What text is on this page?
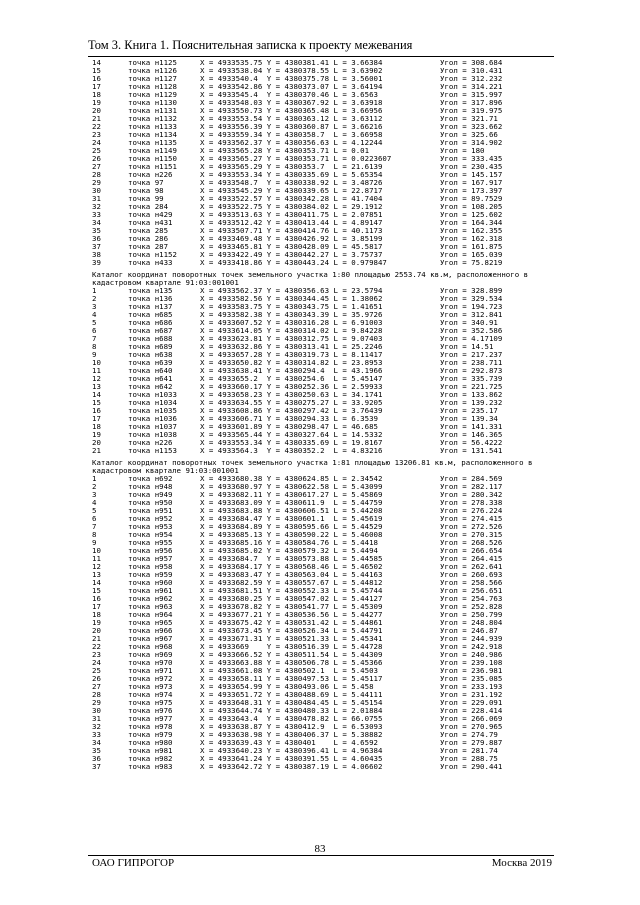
Том 3. Книга 1. Пояснительная записка к проекту межевания
14	точка н1125	X = 4933535.75 Y = 4380381.41 L = 3.66384	Угол = 308.684
15	точка н1126	X = 4933538.04 Y = 4380378.55 L = 3.63902	Угол = 310.431
16	точка н1127	X = 4933540.4  Y = 4380375.78 L = 3.56001	Угол = 312.232
17	точка н1128	X = 4933542.86 Y = 4380373.07 L = 3.64194	Угол = 314.221
18	точка н1129	X = 4933545.4  Y = 4380370.46 L = 3.6563	Угол = 315.997
19	точка н1130	X = 4933548.03 Y = 4380367.92 L = 3.63918	Угол = 317.896
20	точка н1131	X = 4933550.73 Y = 4380365.48 L = 3.66956	Угол = 319.975
21	точка н1132	X = 4933553.54 Y = 4380363.12 L = 3.63112	Угол = 321.71
22	точка н1133	X = 4933556.39 Y = 4380360.87 L = 3.66216	Угол = 323.662
23	точка н1134	X = 4933559.34 Y = 4380358.7  L = 3.66958	Угол = 325.66
24	точка н1135	X = 4933562.37 Y = 4380356.63 L = 4.12244	Угол = 314.902
25	точка н1149	X = 4933565.28 Y = 4380353.71 L = 0.01	Угол = 180
26	точка н1150	X = 4933565.27 Y = 4380353.71 L = 0.0223607	Угол = 333.435
27	точка н1151	X = 4933565.29 Y = 4380353.7  L = 21.6139	Угол = 230.435
28	точка н226	X = 4933553.34 Y = 4380335.69 L = 5.65354	Угол = 145.157
29	точка 97	X = 4933548.7  Y = 4380338.92 L = 3.48726	Угол = 167.917
30	точка 98	X = 4933545.29 Y = 4380339.65 L = 22.8717	Угол = 173.397
31	точка 99	X = 4933522.57 Y = 4380342.28 L = 41.7404	Угол = 89.7529
32	точка 284	X = 4933522.75 Y = 4380384.02 L = 29.1912	Угол = 108.205
33	точка н429	X = 4933513.63 Y = 4380411.75 L = 2.07851	Угол = 125.602
34	точка н431	X = 4933512.42 Y = 4380413.44 L = 4.89147	Угол = 164.344
35	точка 285	X = 4933507.71 Y = 4380414.76 L = 40.1173	Угол = 162.355
36	точка 286	X = 4933469.48 Y = 4380426.92 L = 3.85199	Угол = 162.318
37	точка 287	X = 4933465.81 Y = 4380428.09 L = 45.5817	Угол = 161.875
38	точка н1152	X = 4933422.49 Y = 4380442.27 L = 3.75737	Угол = 165.039
39	точка н433	X = 4933418.86 Y = 4380443.24 L = 0.979847	Угол = 75.8219
Каталог координат поворотных точек земельного участка 1:80 площадью 2553.74 кв.м, расположенного в кадастровом квартале 91:03:001001
1	точка н135	X = 4933562.37 Y = 4380356.63 L = 23.5794	Угол = 328.899
2	точка н136	X = 4933582.56 Y = 4380344.45 L = 1.38062	Угол = 329.534
3	точка н137	X = 4933583.75 Y = 4380343.75 L = 1.41651	Угол = 194.723
4	точка н685	X = 4933582.38 Y = 4380343.39 L = 35.9726	Угол = 312.841
5	точка н686	X = 4933607.52 Y = 4380316.28 L = 6.91003	Угол = 340.91
6	точка н687	X = 4933614.05 Y = 4380314.02 L = 9.84228	Угол = 352.586
7	точка н688	X = 4933623.81 Y = 4380312.75 L = 9.07403	Угол = 4.17109
8	точка н689	X = 4933632.86 Y = 4380313.41 L = 25.2246	Угол = 14.51
9	точка н638	X = 4933657.28 Y = 4380319.73 L = 8.11417	Угол = 217.237
10	точка н639	X = 4933650.82 Y = 4380314.82 L = 23.8953	Угол = 238.711
11	точка н640	X = 4933638.41 Y = 4380294.4  L = 43.1966	Угол = 292.873
12	точка н641	X = 4933655.2  Y = 4380254.6  L = 5.45147	Угол = 335.739
13	точка н642	X = 4933660.17 Y = 4380252.36 L = 2.59933	Угол = 221.725
14	точка н1033	X = 4933658.23 Y = 4380250.63 L = 34.1741	Угол = 133.862
15	точка н1034	X = 4933634.55 Y = 4380275.27 L = 33.9205	Угол = 139.232
16	точка н1035	X = 4933608.86 Y = 4380297.42 L = 3.76439	Угол = 235.17
17	точка н1036	X = 4933606.71 Y = 4380294.33 L = 6.3539	Угол = 139.34
18	точка н1037	X = 4933601.89 Y = 4380298.47 L = 46.685	Угол = 141.331
19	точка н1038	X = 4933565.44 Y = 4380327.64 L = 14.5332	Угол = 146.365
20	точка н226	X = 4933553.34 Y = 4380335.69 L = 19.8167	Угол = 56.4222
21	точка н1153	X = 4933564.3  Y = 4380352.2  L = 4.83216	Угол = 131.541
Каталог координат поворотных точек земельного участка 1:81 площадью 13206.81 кв.м, расположенного в кадастровом квартале 91:03:001001
1	точка н692	X = 4933680.38 Y = 4380624.85 L = 2.34542	Угол = 284.569
2	точка н948	X = 4933680.97 Y = 4380622.58 L = 5.43099	Угол = 282.117
3	точка н949	X = 4933682.11 Y = 4380617.27 L = 5.45869	Угол = 280.342
4	точка н950	X = 4933683.09 Y = 4380611.9  L = 5.44759	Угол = 278.338
5	точка н951	X = 4933683.88 Y = 4380606.51 L = 5.44208	Угол = 276.224
6	точка н952	X = 4933684.47 Y = 4380601.1  L = 5.45619	Угол = 274.415
7	точка н953	X = 4933684.89 Y = 4380595.66 L = 5.44529	Угол = 272.526
8	точка н954	X = 4933685.13 Y = 4380590.22 L = 5.46008	Угол = 270.315
9	точка н955	X = 4933685.16 Y = 4380584.76 L = 5.4418	Угол = 268.526
10	точка н956	X = 4933685.02 Y = 4380579.32 L = 5.4494	Угол = 266.654
11	точка н957	X = 4933684.7  Y = 4380573.88 L = 5.44585	Угол = 264.415
12	точка н958	X = 4933684.17 Y = 4380568.46 L = 5.46502	Угол = 262.641
13	точка н959	X = 4933683.47 Y = 4380563.04 L = 5.44163	Угол = 260.693
14	точка н960	X = 4933682.59 Y = 4380557.67 L = 5.44812	Угол = 258.566
15	точка н961	X = 4933681.51 Y = 4380552.33 L = 5.45744	Угол = 256.651
16	точка н962	X = 4933680.25 Y = 4380547.02 L = 5.44127	Угол = 254.763
17	точка н963	X = 4933678.82 Y = 4380541.77 L = 5.45309	Угол = 252.828
18	точка н964	X = 4933677.21 Y = 4380536.56 L = 5.44277	Угол = 250.799
19	точка н965	X = 4933675.42 Y = 4380531.42 L = 5.44861	Угол = 248.804
20	точка н966	X = 4933673.45 Y = 4380526.34 L = 5.44791	Угол = 246.87
21	точка н967	X = 4933671.31 Y = 4380521.33 L = 5.45341	Угол = 244.939
22	точка н968	X = 4933669    Y = 4380516.39 L = 5.44728	Угол = 242.918
23	точка н969	X = 4933666.52 Y = 4380511.54 L = 5.44309	Угол = 240.986
24	точка н970	X = 4933663.88 Y = 4380506.78 L = 5.45366	Угол = 239.108
25	точка н971	X = 4933661.08 Y = 4380502.1  L = 5.4503	Угол = 236.981
26	точка н972	X = 4933658.11 Y = 4380497.53 L = 5.45117	Угол = 235.085
27	точка н973	X = 4933654.99 Y = 4380493.06 L = 5.458	Угол = 233.193
28	точка н974	X = 4933651.72 Y = 4380488.69 L = 5.44111	Угол = 231.192
29	точка н975	X = 4933648.31 Y = 4380484.45 L = 5.45154	Угол = 229.091
30	точка н976	X = 4933644.74 Y = 4380480.33 L = 2.01884	Угол = 228.414
31	точка н977	X = 4933643.4  Y = 4380478.82 L = 66.0755	Угол = 266.069
32	точка н978	X = 4933638.87 Y = 4380412.9  L = 6.53093	Угол = 270.965
33	точка н979	X = 4933638.98 Y = 4380406.37 L = 5.38882	Угол = 274.79
34	точка н980	X = 4933639.43 Y = 4380401    L = 4.6592	Угол = 279.887
35	точка н981	X = 4933640.23 Y = 4380396.41 L = 4.96384	Угол = 281.74
36	точка н982	X = 4933641.24 Y = 4380391.55 L = 4.60435	Угол = 288.75
37	точка н983	X = 4933642.72 Y = 4380387.19 L = 4.06602	Угол = 290.441
83
ОАО ГИПРОГОР	Москва 2019
